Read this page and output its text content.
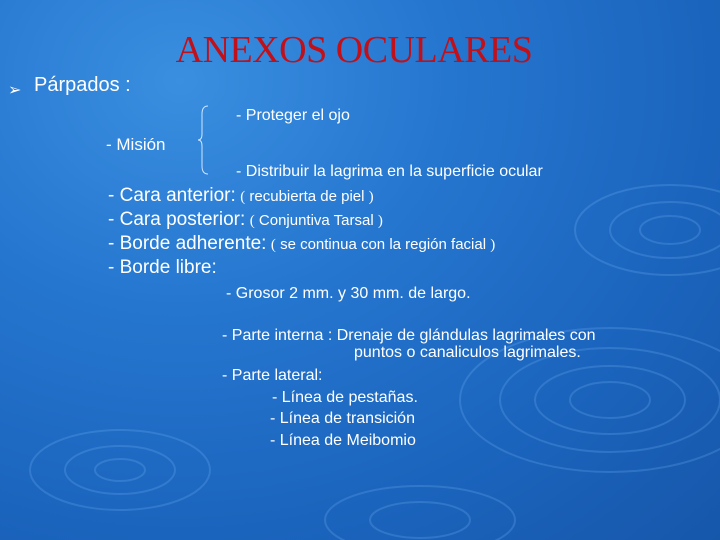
ANEXOS OCULARES
➢ Párpados :
- Misión
- Proteger el ojo
- Distribuir la lagrima en la superficie ocular
- Cara anterior: ( recubierta de piel )
- Cara posterior: ( Conjuntiva Tarsal )
- Borde adherente: ( se continua con la región facial )
- Borde libre:
- Grosor 2 mm. y 30 mm. de largo.
- Parte interna : Drenaje de glándulas lagrimales con
puntos o canaliculos lagrimales.
- Parte lateral:
- Línea de pestañas.
- Línea de transición
- Línea de Meibomio
